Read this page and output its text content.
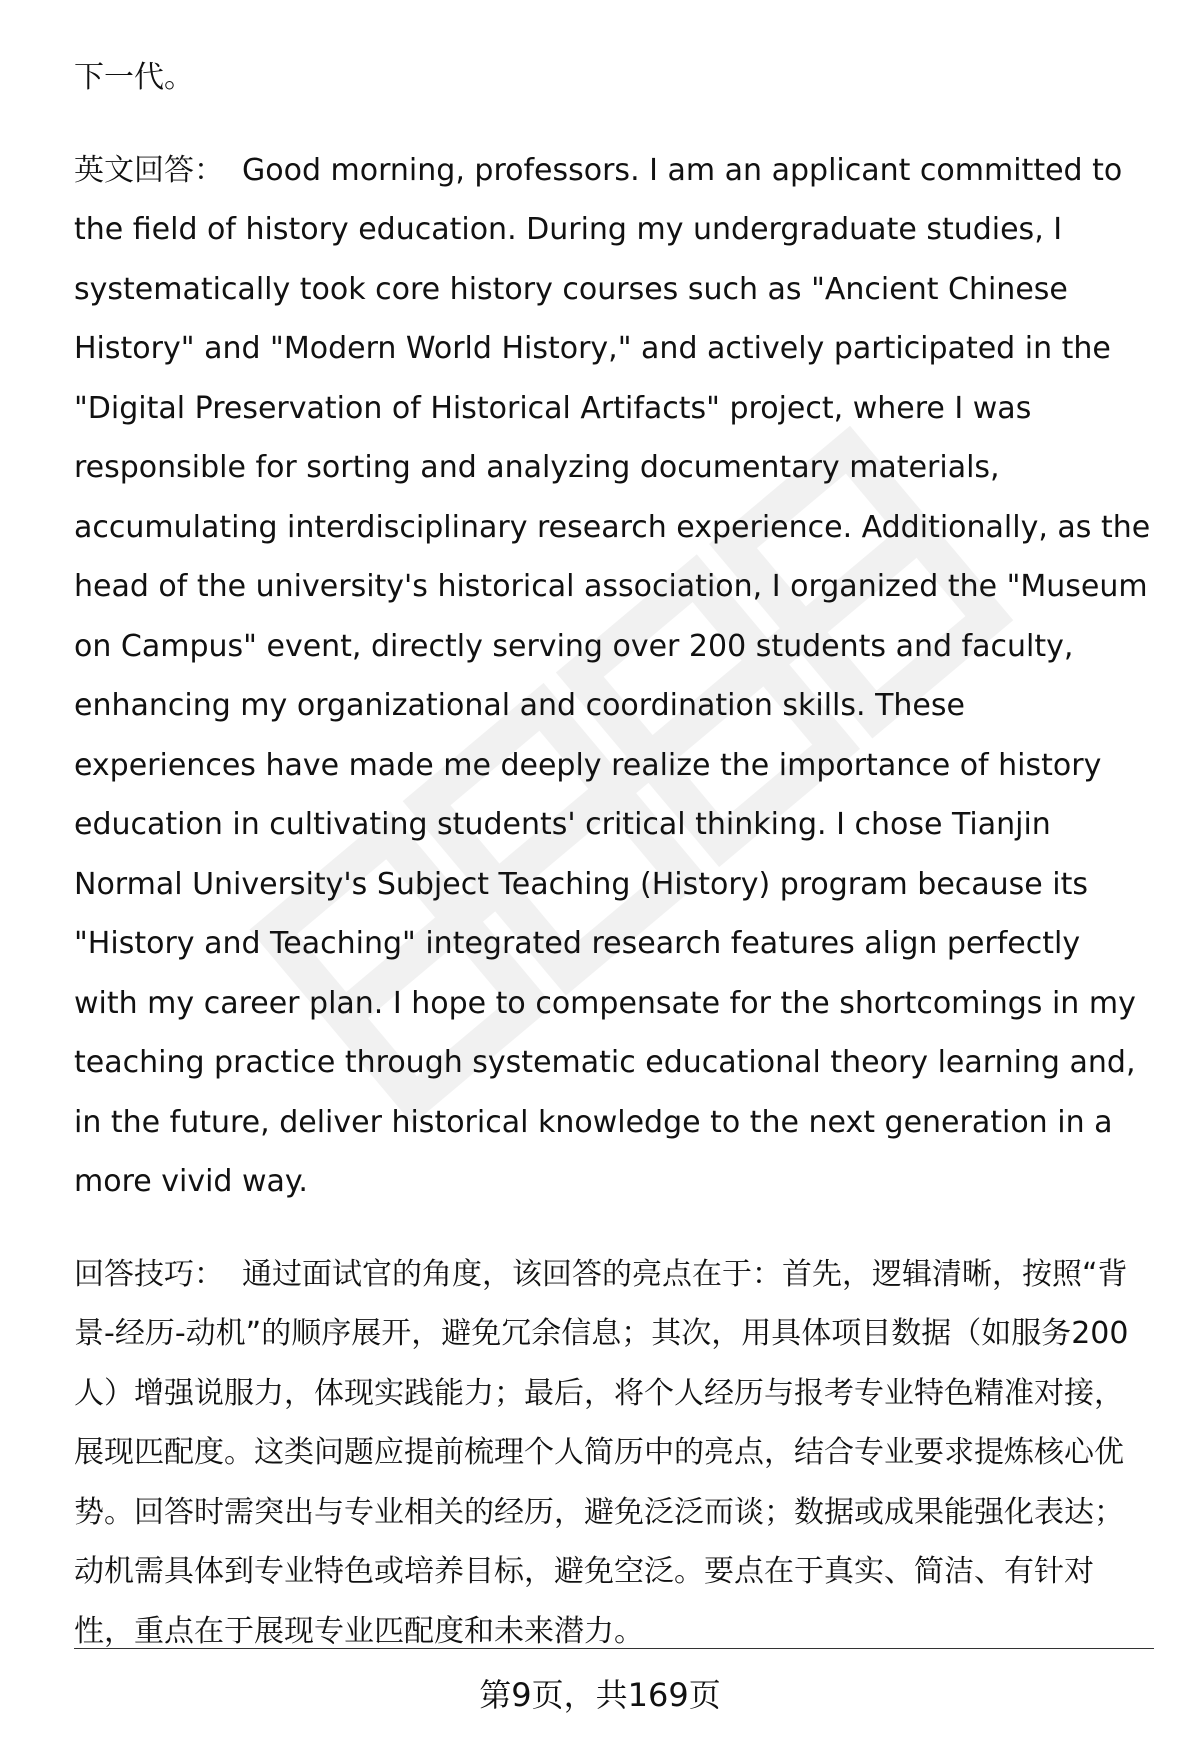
下一代。

英文回答： Good morning, professors. I am an applicant committed to the field of history education. During my undergraduate studies, I systematically took core history courses such as "Ancient Chinese History" and "Modern World History," and actively participated in the "Digital Preservation of Historical Artifacts" project, where I was responsible for sorting and analyzing documentary materials, accumulating interdisciplinary research experience. Additionally, as the head of the university's historical association, I organized the "Museum on Campus" event, directly serving over 200 students and faculty, enhancing my organizational and coordination skills. These experiences have made me deeply realize the importance of history education in cultivating students' critical thinking. I chose Tianjin Normal University's Subject Teaching (History) program because its "History and Teaching" integrated research features align perfectly with my career plan. I hope to compensate for the shortcomings in my teaching practice through systematic educational theory learning and, in the future, deliver historical knowledge to the next generation in a more vivid way.

回答技巧： 通过面试官的角度，该回答的亮点在于：首先，逻辑清晰，按照“背景-经历-动机”的顺序展开，避免冗余信息；其次，用具体项目数据（如服务200人）增强说服力，体现实践能力；最后，将个人经历与报考专业特色精准对接，展现匹配度。这类问题应提前梳理个人简历中的亮点，结合专业要求提炼核心优势。回答时需突出与专业相关的经历，避免泛泛而谈；数据或成果能强化表达；动机需具体到专业特色或培养目标，避免空泛。要点在于真实、简洁、有针对性，重点在于展现专业匹配度和未来潜力。

第9页，共169页
